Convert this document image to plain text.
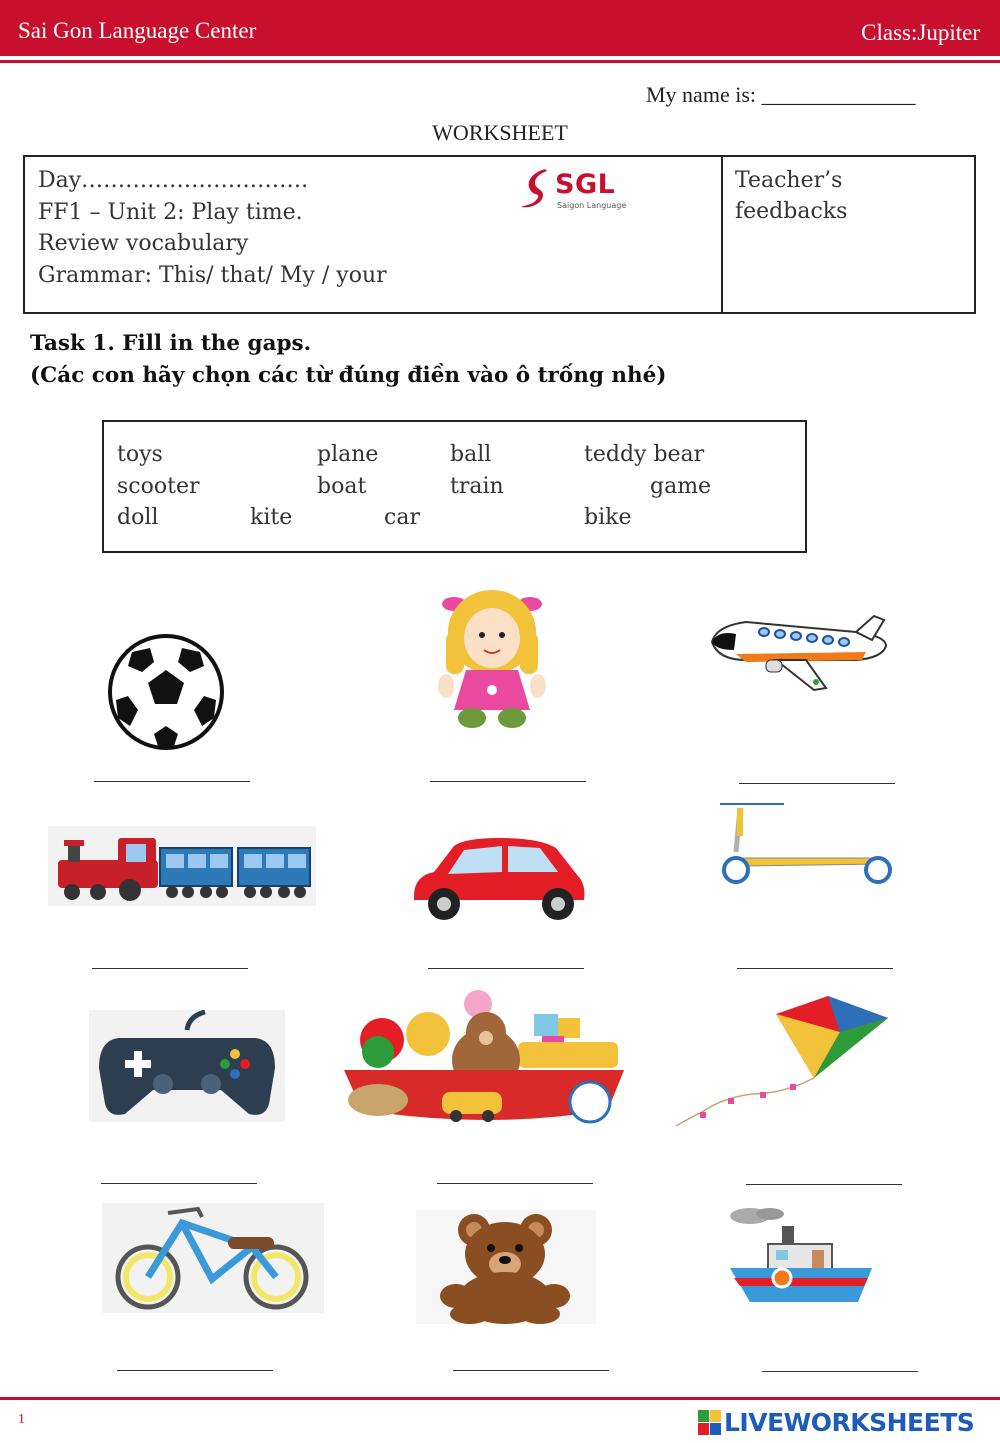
Sai Gon Language Center	Class:Jupiter
My name is: ______________
WORKSHEET
Day………………………….
FF1 – Unit 2: Play time.
Review vocabulary
Grammar: This/ that/ My / your
SGL
Saigon Language
Teacher’s
feedbacks
Task 1. Fill in the gaps.
(Các con hãy chọn các từ đúng điền vào ô trống nhé)
toys	plane	ball	teddy bear
scooter	boat	train	game
doll	kite	car	bike
1	LIVEWORKSHEETS
